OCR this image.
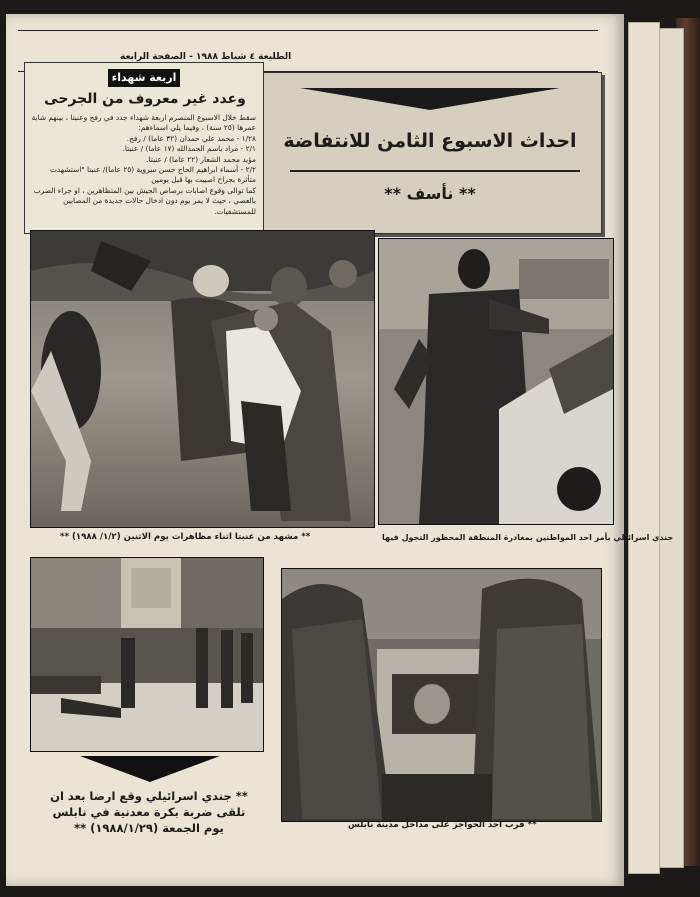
الطليعة ٤ شباط ١٩٨٨ - الصفحة الرابعة
احداث الاسبوع الثامن للانتفاضة
** نأسف **
اربعة شهداء
وعدد غير معروف من الجرحى

سقط خلال الاسبوع المنصرم اربعة شهداء جدد في رفح وعنبتا ، بينهم شابة عمرها (٢٥ سنة) ، وفيما يلي اسماءهم:

١/٢٨ - محمد علي حمدان (٣٢ عاما) / رفح.

٢/١ - مراد باسم الحمدالله (١٧ عاما) / عنبتا.

مؤيد محمد الشعار (٢٢ عاما) / عنبتا.

٢/٢ - أسماء ابراهيم الحاج حسن سروية (٢٥ عاما)/ عنبتا "استشهدت متأثرة بجراح اصيبت بها قبل يومين

كما توالى وقوع اصابات برصاص الجيش بين المتظاهرين ، او جراء الضرب بالعصي ، حيث لا يمر يوم دون ادخال حالات جديدة من المصابين للمستشفيات.

** مشهد من عنبتا اثناء مظاهرات يوم الاثنين (١/٢/ ١٩٨٨) **	جندي اسرائيلي يأمر احد المواطنين بمغادرة المنطقة المحظور التجول فيها
** جندي اسرائيلي وقع ارضا بعد ان تلقى ضربة بكرة معدنية في نابلس يوم الجمعة (١٩٨٨/١/٢٩) **	** قرب احد الحواجز على مداخل مدينة نابلس
